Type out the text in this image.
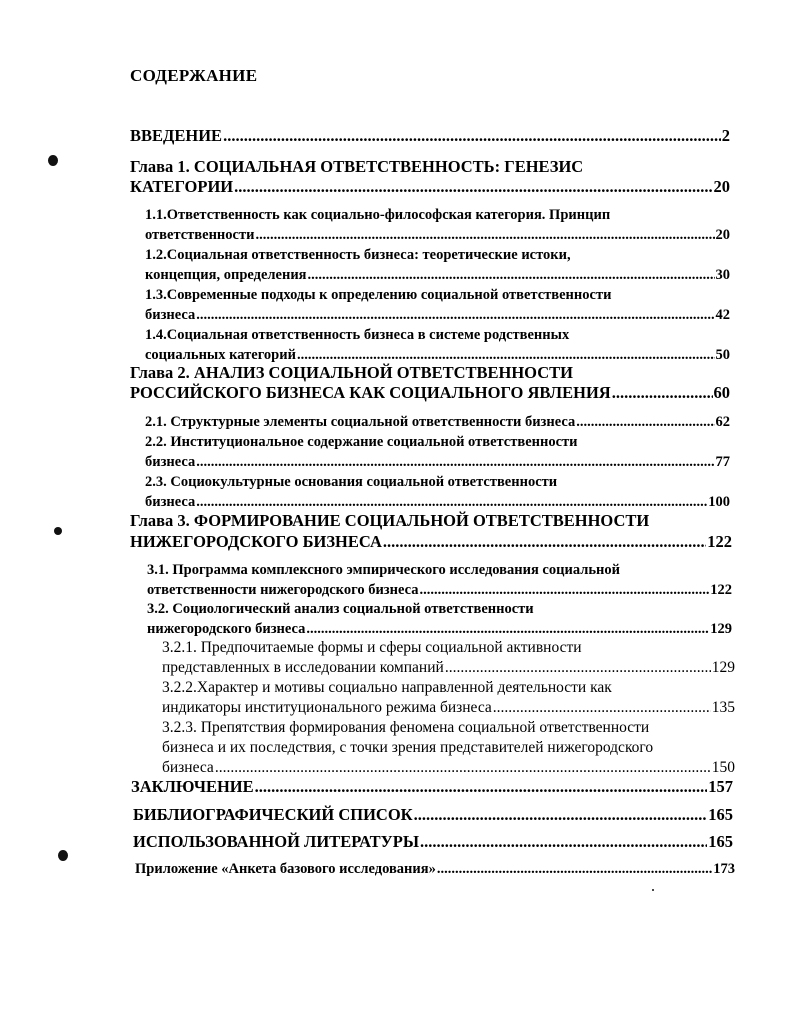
СОДЕРЖАНИЕ
ВВЕДЕНИЕ .....	2
Глава 1. СОЦИАЛЬНАЯ ОТВЕТСТВЕННОСТЬ: ГЕНЕЗИС
КАТЕГОРИИ .....	20
1.1.Ответственность как социально-философская категория. Принцип
ответственности .....	20
1.2.Социальная ответственность бизнеса: теоретические истоки,
концепция, определения .....	30
1.3.Современные подходы к определению социальной ответственности
бизнеса .....	42
1.4.Социальная ответственность бизнеса в системе родственных
социальных категорий .....	50
Глава 2. АНАЛИЗ СОЦИАЛЬНОЙ ОТВЕТСТВЕННОСТИ
РОССИЙСКОГО БИЗНЕСА КАК СОЦИАЛЬНОГО ЯВЛЕНИЯ .....	60
2.1. Структурные элементы социальной ответственности бизнеса .....	62
2.2. Институциональное содержание социальной ответственности
бизнеса .....	77
2.3. Социокультурные основания социальной ответственности
бизнеса .....	100
Глава 3. ФОРМИРОВАНИЕ СОЦИАЛЬНОЙ ОТВЕТСТВЕННОСТИ
НИЖЕГОРОДСКОГО БИЗНЕСА .....	122
3.1. Программа комплексного эмпирического исследования социальной
ответственности нижегородского бизнеса .....	122
3.2. Социологический анализ социальной ответственности
нижегородского бизнеса .....	129
3.2.1. Предпочитаемые формы и сферы социальной активности
представленных в исследовании компаний .....	129
3.2.2.Характер и мотивы социально направленной деятельности как
индикаторы институционального режима бизнеса .....	135
3.2.3. Препятствия формирования феномена социальной ответственности
бизнеса и их последствия, с точки зрения представителей нижегородского
бизнеса .....	150
ЗАКЛЮЧЕНИЕ .....	157
БИБЛИОГРАФИЧЕСКИЙ СПИСОК .....	165
ИСПОЛЬЗОВАННОЙ ЛИТЕРАТУРЫ .....	165
Приложение «Анкета базового исследования» .....	173
